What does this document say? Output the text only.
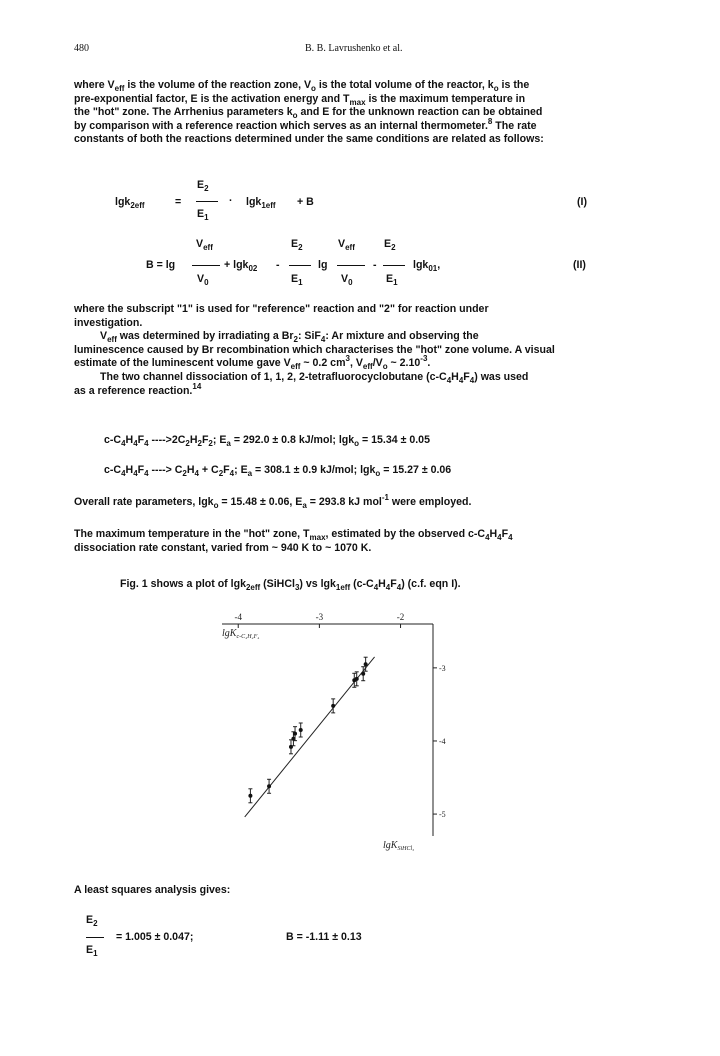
480	B. B. Lavrushenko et al.
where $V_{eff}$ is the volume of the reaction zone, $V_o$ is the total volume of the reactor, $k_o$ is the
pre-exponential factor, E is the activation energy and $T_{max}$ is the maximum temperature in
the "hot" zone. The Arrhenius parameters $k_o$ and E for the unknown reaction can be obtained
by comparison with a reference reaction which serves as an internal thermometer.$^8$ The rate
constants of both the reactions determined under the same conditions are related as follows:
lgk$_{2eff}$	=
$E_2$
$E_1$
· lgk$_{1eff}$ + B	(I)
B = lg
$V_{eff}$
$V_0$
+ lgk$_{02}$ -
$E_2$
$E_1$
lg
$V_{eff}$
$V_0$
-
$E_2$
$E_1$
lgk$_{01}$,	(II)
where the subscript "1" is used for "reference" reaction and "2" for reaction under
investigation.
$V_{eff}$ was determined by irradiating a $Br_2$: SiF$_4$: Ar mixture and observing the
luminescence caused by Br recombination which characterises the "hot" zone volume. A visual
estimate of the luminescent volume gave $V_{eff}$ ~ 0.2 $cm^3$, $V_{eff}/V_o$ ~ $2.10^{-3}$.
The two channel dissociation of 1, 1, 2, 2-tetrafluorocyclobutane $(c-C_4H_4F_4)$ was used
as a reference reaction.$^{14}$
$c-C_4H_4F_4$ $---->2C_2H_2F_2$; $E_a = 292.0 \pm 0.8$ kJ/mol; lgk$_o$ = 15.34 ± 0.05
$c-C_4H_4F_4$ ----> $C_2H_4 + C_2F_4$; $E_a = 308.1 \pm 0.9$ kJ/mol; lgk$_o$ = 15.27 ± 0.06
Overall rate parameters, lgk$_o$ = 15.48 ± 0.06, $E_a = 293.8$ kJ mol$^{-1}$ were employed.
The maximum temperature in the "hot" zone, $T_{max}$, estimated by the observed $c-C_4H_4F_4$
dissociation rate constant, varied from ~ 940 K to ~ 1070 K.
Fig. 1 shows a plot of lgk$_{2eff}$ (SiHCl$_3$) vs lgk$_{1eff}$ $(c-C_4H_4F_4)$ (c.f. eqn I).
-4	-3	-2
-3
-4
-5
lgK$_{c-C_4H_4F_4}$
lgK$_{SiHCl_3}$
A least squares analysis gives:
$E_2$
$E_1$
= 1.005 ± 0.047;	B = -1.11 ± 0.13
